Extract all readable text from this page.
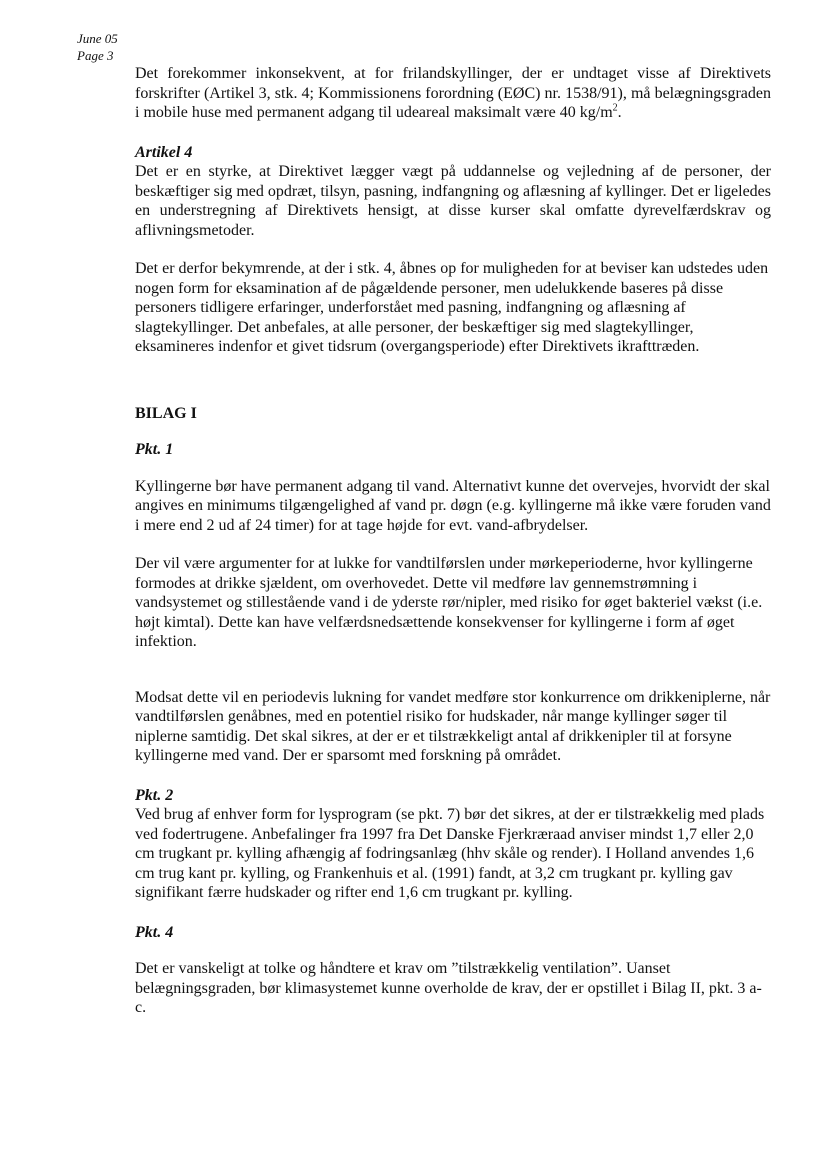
June 05
Page 3

Det forekommer inkonsekvent, at for frilandskyllinger, der er undtaget visse af Direktivets forskrifter (Artikel 3, stk. 4; Kommissionens forordning (EØC) nr. 1538/91), må belægningsgraden i mobile huse med permanent adgang til udeareal maksimalt være 40 $kg/m^2$.

Artikel 4

Det er en styrke, at Direktivet lægger vægt på uddannelse og vejledning af de personer, der beskæftiger sig med opdræt, tilsyn, pasning, indfangning og aflæsning af kyllinger. Det er ligeledes en understregning af Direktivets hensigt, at disse kurser skal omfatte dyrevelfærdskrav og aflivningsmetoder.

Det er derfor bekymrende, at der i stk. 4, åbnes op for muligheden for at beviser kan udstedes uden nogen form for eksamination af de pågældende personer, men udelukkende baseres på disse personers tidligere erfaringer, underforstået med pasning, indfangning og aflæsning af slagtekyllinger. Det anbefales, at alle personer, der beskæftiger sig med slagtekyllinger, eksamineres indenfor et givet tidsrum (overgangsperiode) efter Direktivets ikrafttræden.

BILAG I

Pkt. 1

Kyllingerne bør have permanent adgang til vand. Alternativt kunne det overvejes, hvorvidt der skal angives en minimums tilgængelighed af vand pr. døgn (e.g. kyllingerne må ikke være foruden vand i mere end 2 ud af 24 timer) for at tage højde for evt. vand-afbrydelser.

Der vil være argumenter for at lukke for vandtilførslen under mørkeperioderne, hvor kyllingerne formodes at drikke sjældent, om overhovedet. Dette vil medføre lav gennemstrømning i vandsystemet og stillestående vand i de yderste rør/nipler, med risiko for øget bakteriel vækst (i.e. højt kimtal). Dette kan have velfærdsnedsættende konsekvenser for kyllingerne i form af øget infektion.

Modsat dette vil en periodevis lukning for vandet medføre stor konkurrence om drikkeniplerne, når vandtilførslen genåbnes, med en potentiel risiko for hudskader, når mange kyllinger søger til niplerne samtidig. Det skal sikres, at der er et tilstrækkeligt antal af drikkenipler til at forsyne kyllingerne med vand. Der er sparsomt med forskning på området.

Pkt. 2

Ved brug af enhver form for lysprogram (se pkt. 7) bør det sikres, at der er tilstrækkelig med plads ved fodertrugene. Anbefalinger fra 1997 fra Det Danske Fjerkræraad anviser mindst 1,7 eller 2,0 cm trugkant pr. kylling afhængig af fodringsanlæg (hhv skåle og render). I Holland anvendes 1,6 cm trug kant pr. kylling, og Frankenhuis et al. (1991) fandt, at 3,2 cm trugkant pr. kylling gav signifikant færre hudskader og rifter end 1,6 cm trugkant pr. kylling.

Pkt. 4

Det er vanskeligt at tolke og håndtere et krav om ”tilstrækkelig ventilation”. Uanset belægningsgraden, bør klimasystemet kunne overholde de krav, der er opstillet i Bilag II, pkt. 3 a-c.
